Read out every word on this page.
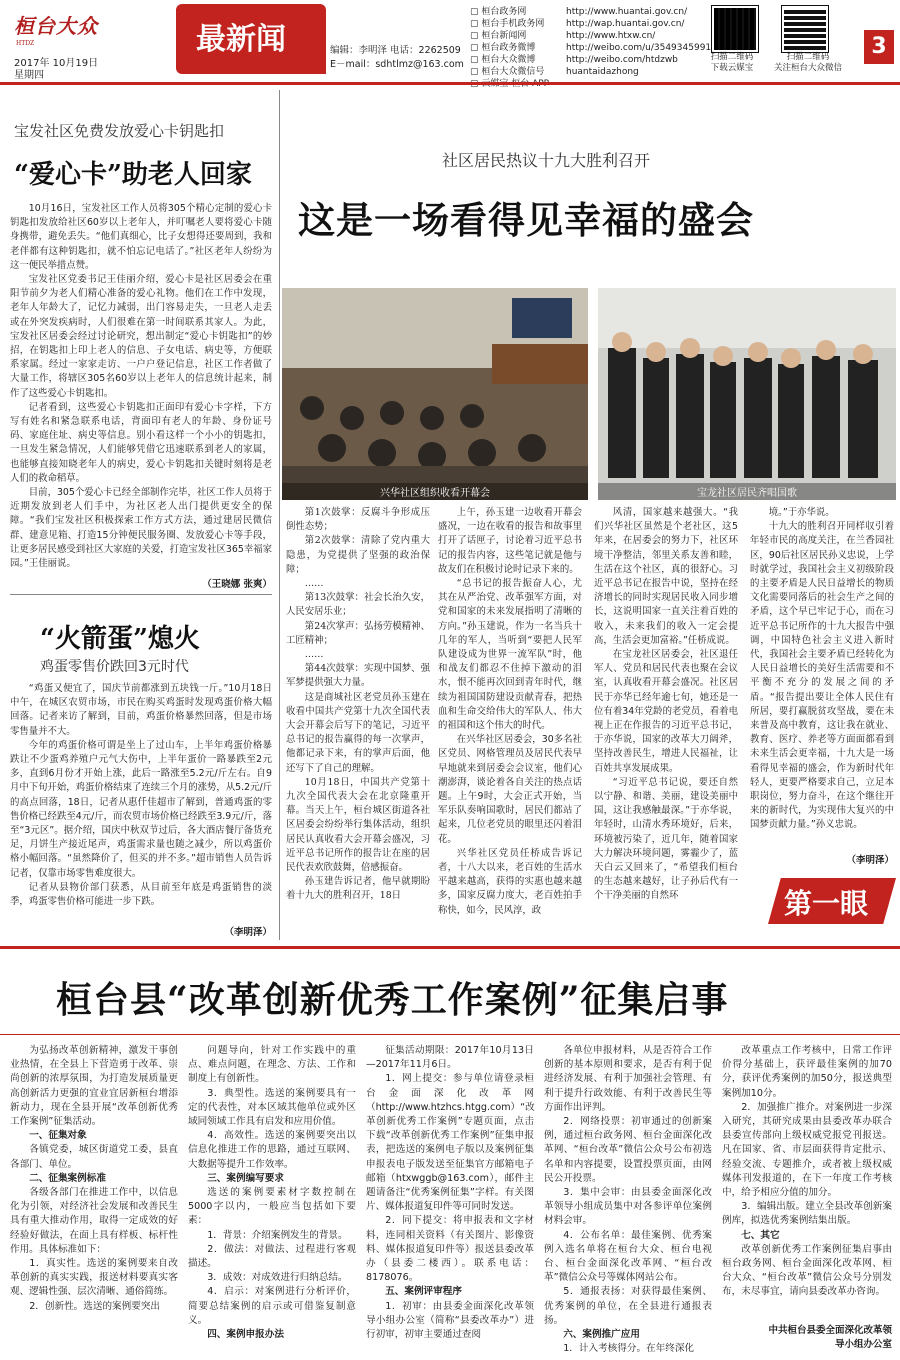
桓台大众
HTDZ
2017年 10月19日
星期四
最新闻	编辑：李明泽 电话：2262509
E－mail：sdhtlmz@163.com
▢ 桓台政务网	http://www.huantai.gov.cn/
▢ 桓台手机政务网	http://wap.huantai.gov.cn/
▢ 桓台新闻网	http://www.htxw.cn/
▢ 桓台政务微博	http://weibo.com/u/3549345991
▢ 桓台大众微博	http://weibo.com/htdzwb
▢ 桓台大众微信号	huantaidazhong
扫描二维码
下载云媒宝
扫描二维码
关注桓台大众微信
3
宝发社区免费发放爱心卡钥匙扣
“爱心卡”助老人回家

10月16日，宝发社区工作人员将305个精心定制的爱心卡钥匙扣发放给社区60岁以上老年人，并叮嘱老人要将爱心卡随身携带，避免丢失。“他们真细心，比子女想得还要周到，我和老伴都有这种钥匙扣，就不怕忘记电话了。”社区老年人纷纷为这一便民举措点赞。

宝发社区党委书记王佳丽介绍，爱心卡是社区居委会在重阳节前夕为老人们精心准备的爱心礼物。他们在工作中发现，老年人年龄大了，记忆力减弱，出门容易走失，一旦老人走丢或在外突发疾病时，人们很难在第一时间联系其家人。为此，宝发社区居委会经过讨论研究，想出制定“爱心卡钥匙扣”的妙招，在钥匙扣上印上老人的信息、子女电话、病史等，方便联系家属。经过一家家走访、一户户登记信息，社区工作者做了大量工作，将辖区305名60岁以上老年人的信息统计起来，制作了这些爱心卡钥匙扣。

记者看到，这些爱心卡钥匙扣正面印有爱心卡字样，下方写有姓名和紧急联系电话，背面印有老人的年龄、身份证号码、家庭住址、病史等信息。别小看这样一个小小的钥匙扣，一旦发生紧急情况，人们能够凭借它迅速联系到老人的家属，也能够直接知晓老年人的病史，爱心卡钥匙扣关键时刻将是老人们的救命稻草。

目前，305个爱心卡已经全部制作完毕，社区工作人员将于近期发放到老人们手中，为社区老人出门提供更安全的保障。“我们宝发社区积极探索工作方式方法，通过建居民微信群、建意见箱、打造15分钟便民服务圈、发放爱心卡等手段，让更多居民感受到社区大家庭的关爱，打造宝发社区365幸福家园。”王佳丽说。

（王晓娜 张爽）
“火箭蛋”熄火
鸡蛋零售价跌回3元时代

“鸡蛋又便宜了，国庆节前都涨到五块钱一斤。”10月18日中午，在城区农贸市场，市民在购买鸡蛋时发现鸡蛋价格大幅回落。记者来访了解到，目前，鸡蛋价格暴然回落，但是市场零售量并不大。

今年的鸡蛋价格可谓是坐上了过山车，上半年鸡蛋价格暴跌让不少蛋鸡养殖户元气大伤中，上半年蛋价一路暴跌至2元多，直到6月份才开始上涨，此后一路涨至5.2元/斤左右。自9月中下旬开始，鸡蛋价格结束了连续三个月的涨势，从5.2元/斤的高点回落，18日，记者从惠仟佳超市了解到，普通鸡蛋的零售价格已经跌至4元/斤，而农贸市场价格已经跌至3.9元/斤，落至“3元区”。据介绍，国庆中秋双节过后，各大酒店餐厅备货充足，月饼生产接近尾声，鸡蛋需求量也随之减少，所以鸡蛋价格小幅回落。“虽然降价了，但买的并不多。”超市销售人员告诉记者，仅靠市场零售难度很大。

记者从县物价部门获悉，从目前至年底是鸡蛋销售的淡季，鸡蛋零售价格可能进一步下跌。

（李明泽）
社区居民热议十九大胜利召开
这是一场看得见幸福的盛会
兴华社区组织收看开幕会	宝龙社区居民齐唱国歌

第1次鼓掌：反腐斗争形成压倒性态势；

第2次鼓掌：清除了党内重大隐患，为党提供了坚强的政治保障；

……

第13次鼓掌：社会长治久安，人民安居乐业；

第24次掌声：弘扬劳模精神、工匠精神；

……

第44次鼓掌：实现中国梦、强军梦提供强大力量。

这是商城社区老党员孙玉建在收看中国共产党第十九次全国代表大会开幕会后写下的笔记，习近平总书记的报告赢得的每一次掌声，他都记录下来，有的掌声后面，他还写下了自己的理解。

10月18日，中国共产党第十九次全国代表大会在北京隆重开幕。当天上午，桓台城区街道各社区居委会纷纷举行集体活动，组织居民认真收看大会开幕会盛况，习近平总书记所作的报告让在座的居民代表欢欣鼓舞，倍感振奋。

孙玉建告诉记者，他早就期盼着十九大的胜利召开，18日

上午，孙玉建一边收看开幕会盛况，一边在收看的报告和故事里打开了话匣子，讨论着习近平总书记的报告内容，这些笔记就是他与故友们在积极讨论时记录下来的。

“总书记的报告振奋人心，尤其在从严治党、改革强军方面，对党和国家的未来发展指明了清晰的方向。”孙玉建说，作为一名当兵十几年的军人，当听到“要把人民军队建设成为世界一流军队”时，他和战友们都忍不住掉下激动的泪水，恨不能再次回到青年时代，继续为祖国国防建设贡献青春，把热血和生命交给伟大的军队人、伟大的祖国和这个伟大的时代。

在兴华社区居委会，30多名社区党员、网格管理员及居民代表早早地就来到居委会会议室，他们心潮澎湃，谈论着各自关注的热点话题。上午9时，大会正式开始，当军乐队奏响国歌时，居民们都站了起来，几位老党员的眼里还闪着泪花。

兴华社区党员任桥成告诉记者，十八大以来，老百姓的生活水平越来越高，获得的实惠也越来越多，国家反腐力度大，老百姓拍手称快，如今，民风淳，政

风清，国家越来越强大。“我们兴华社区虽然是个老社区，这5年来，在居委会的努力下，社区环境干净整洁，邻里关系友善和睦，生活在这个社区，真的很舒心。习近平总书记在报告中说，坚持在经济增长的同时实现居民收入同步增长，这说明国家一直关注着百姓的收入，未来我们的收入一定会提高，生活会更加富裕。”任桥成说。

在宝龙社区居委会，社区退任军人、党员和居民代表也聚在会议室，认真收看开幕会盛况。社区居民于亦华已经年逾七旬，她还是一位有着34年党龄的老党员，看着电视上正在作报告的习近平总书记，于亦华说，国家的改革大刀阔斧，坚持改善民生，增进人民福祉，让百姓共享发展成果。

“习近平总书记说，要还自然以宁静、和谐、美丽，建设美丽中国，这让我感触最深。”于亦华说，年轻时，山清水秀环境好，后来，环境被污染了，近几年，随着国家大力解决环境问题，雾霾少了，蓝天白云又回来了，“希望我们桓台的生态越来越好，让子孙后代有一个干净美丽的自然环

境。”于亦华说。

十九大的胜利召开同样収引着年轻市民的高度关注，在兰香园社区，90后社区居民孙义忠说，上学时就学过，我国社会主义初级阶段的主要矛盾是人民日益增长的物质文化需要同落后的社会生产之间的矛盾，这个早已牢记于心，而在习近平总书记所作的十九大报告中强调，中国特色社会主义进入新时代，我国社会主要矛盾已经转化为人民日益增长的美好生活需要和不平衡不充分的发展之间的矛盾。“报告提出要让全体人民住有所居，要打赢脱贫攻坚战，要在未来普及高中教育，这让我在就业、教育、医疗、养老等方面面都看到未来生活会更幸福，十九大是一场看得见幸福的盛会，作为新时代年轻人，更要严格要求自己，立足本职岗位，努力奋斗，在这个继往开来的新时代，为实现伟大复兴的中国梦贡献力量。”孙义忠说。

（李明泽）
第一眼
桓台县“改革创新优秀工作案例”征集启事

为弘扬改革创新精神，激发干事创业热情，在全县上下营造勇于改革、崇尚创新的浓厚氛围，为打造发展质量更高创新活力更强的宜业宜居新桓台增添新动力，现在全县开展“改革创新优秀工作案例”征集活动。

一、征集对象

各镇党委，城区街道党工委，县直各部门、单位。

二、征集案例标准

各级各部门在推进工作中，以信息化为引领，对经济社会发展和改善民生具有重大推动作用，取得一定成效的好经验好做法，在面上具有样板、标杆性作用。具体标准如下：

1．真实性。选送的案例要来自改革创新的真实实践，报送材料要真实客观、逻辑性强、层次清晰、通俗简练。

2．创新性。选送的案例要突出

问题导向，针对工作实践中的重点、难点问题，在理念、方法、工作和制度上有创新性。

3．典型性。选送的案例要具有一定的代表性，对本区域其他单位或外区域同领域工作具有启发和应用价值。

4．高效性。选送的案例要突出以信息化推进工作的思路，通过互联网、大数据等提升工作效率。

三、案例编写要求

选送的案例要素材字数控制在5000字以内，一般应当包括如下要素：

1．背景：介绍案例发生的背景。

2．做法：对做法、过程进行客观描述。

3．成效：对成效进行归纳总结。

4．启示：对案例进行分析评价，简要总结案例的启示或可借鉴复制意义。

四、案例申报办法

征集活动期限：2017年10月13日—2017年11月6日。

1．网上提交：参与单位请登录桓台金面深化改革网（http://www.htzhcs.htgg.com）“改革创新优秀工作案例”专题页面，点击下载“改革创新优秀工作案例”征集申报表，把选送的案例电子版以及案例征集申报表电子版发送至征集官方邮箱电子邮箱（htxwggb@163.com），邮件主题请备注“优秀案例征集”字样。有关图片、媒体报道复印件等可同时发送。

2．同下提交：将申报表和文字材料，连同相关资料（有关图片、影像资料、媒体报道复印件等）报送县委改革办（县委二楼西）。联系电话：8178076。

五、案例评审程序

1．初审：由县委金面深化改革领导小组办公室（简称“县委改革办”）进行初审，初审主要通过查阅

各单位申报材料，从是否符合工作创新的基本原则和要求，是否有利于促进经济发展、有利于加强社会管理、有利于提升行政效能、有利于改善民生等方面作出评判。

2．网络投票：初审通过的创新案例，通过桓台政务网、桓台金面深化改革网、“桓台改革”微信公众号公布初选名单和内容提要，设置投票页面，由网民公开投票。

3．集中会审：由县委金面深化改革领导小组成员集中对各参评单位案例材料会审。

4．公布名单：最佳案例、优秀案例入选名单将在桓台大众、桓台电视台、桓台金面深化改革网、“桓台改革”微信公众号等媒体网站公布。

5．通报表扬：对获得最佳案例、优秀案例的单位，在全县进行通报表扬。

六、案例推广应用

1．计入考核得分。在年终深化

改革重点工作考核中，日常工作评价得分基础上，获评最佳案例的加70分，获评优秀案例的加50分，报送典型案例加10分。

2．加强推广推介。对案例进一步深入研究，其研究成果由县委改革办联合县委宣传部向上级权威党报党刊报送。凡在国家、省、市层面获得肯定批示、经验交流、专题推介，或者被上级权威媒体刊发报道的，在下一年度工作考核中，给予相应分值的加分。

3．编辑出版。建立全县改革创新案例库，拟选优秀案例结集出版。

七、其它

改革创新优秀工作案例征集启事由桓台政务网、桓台金面深化改革网、桓台大众、“桓台改革”微信公众号分别发布，未尽事宜，请向县委改革办咨询。

中共桓台县委全面深化改革领
导小组办公室
